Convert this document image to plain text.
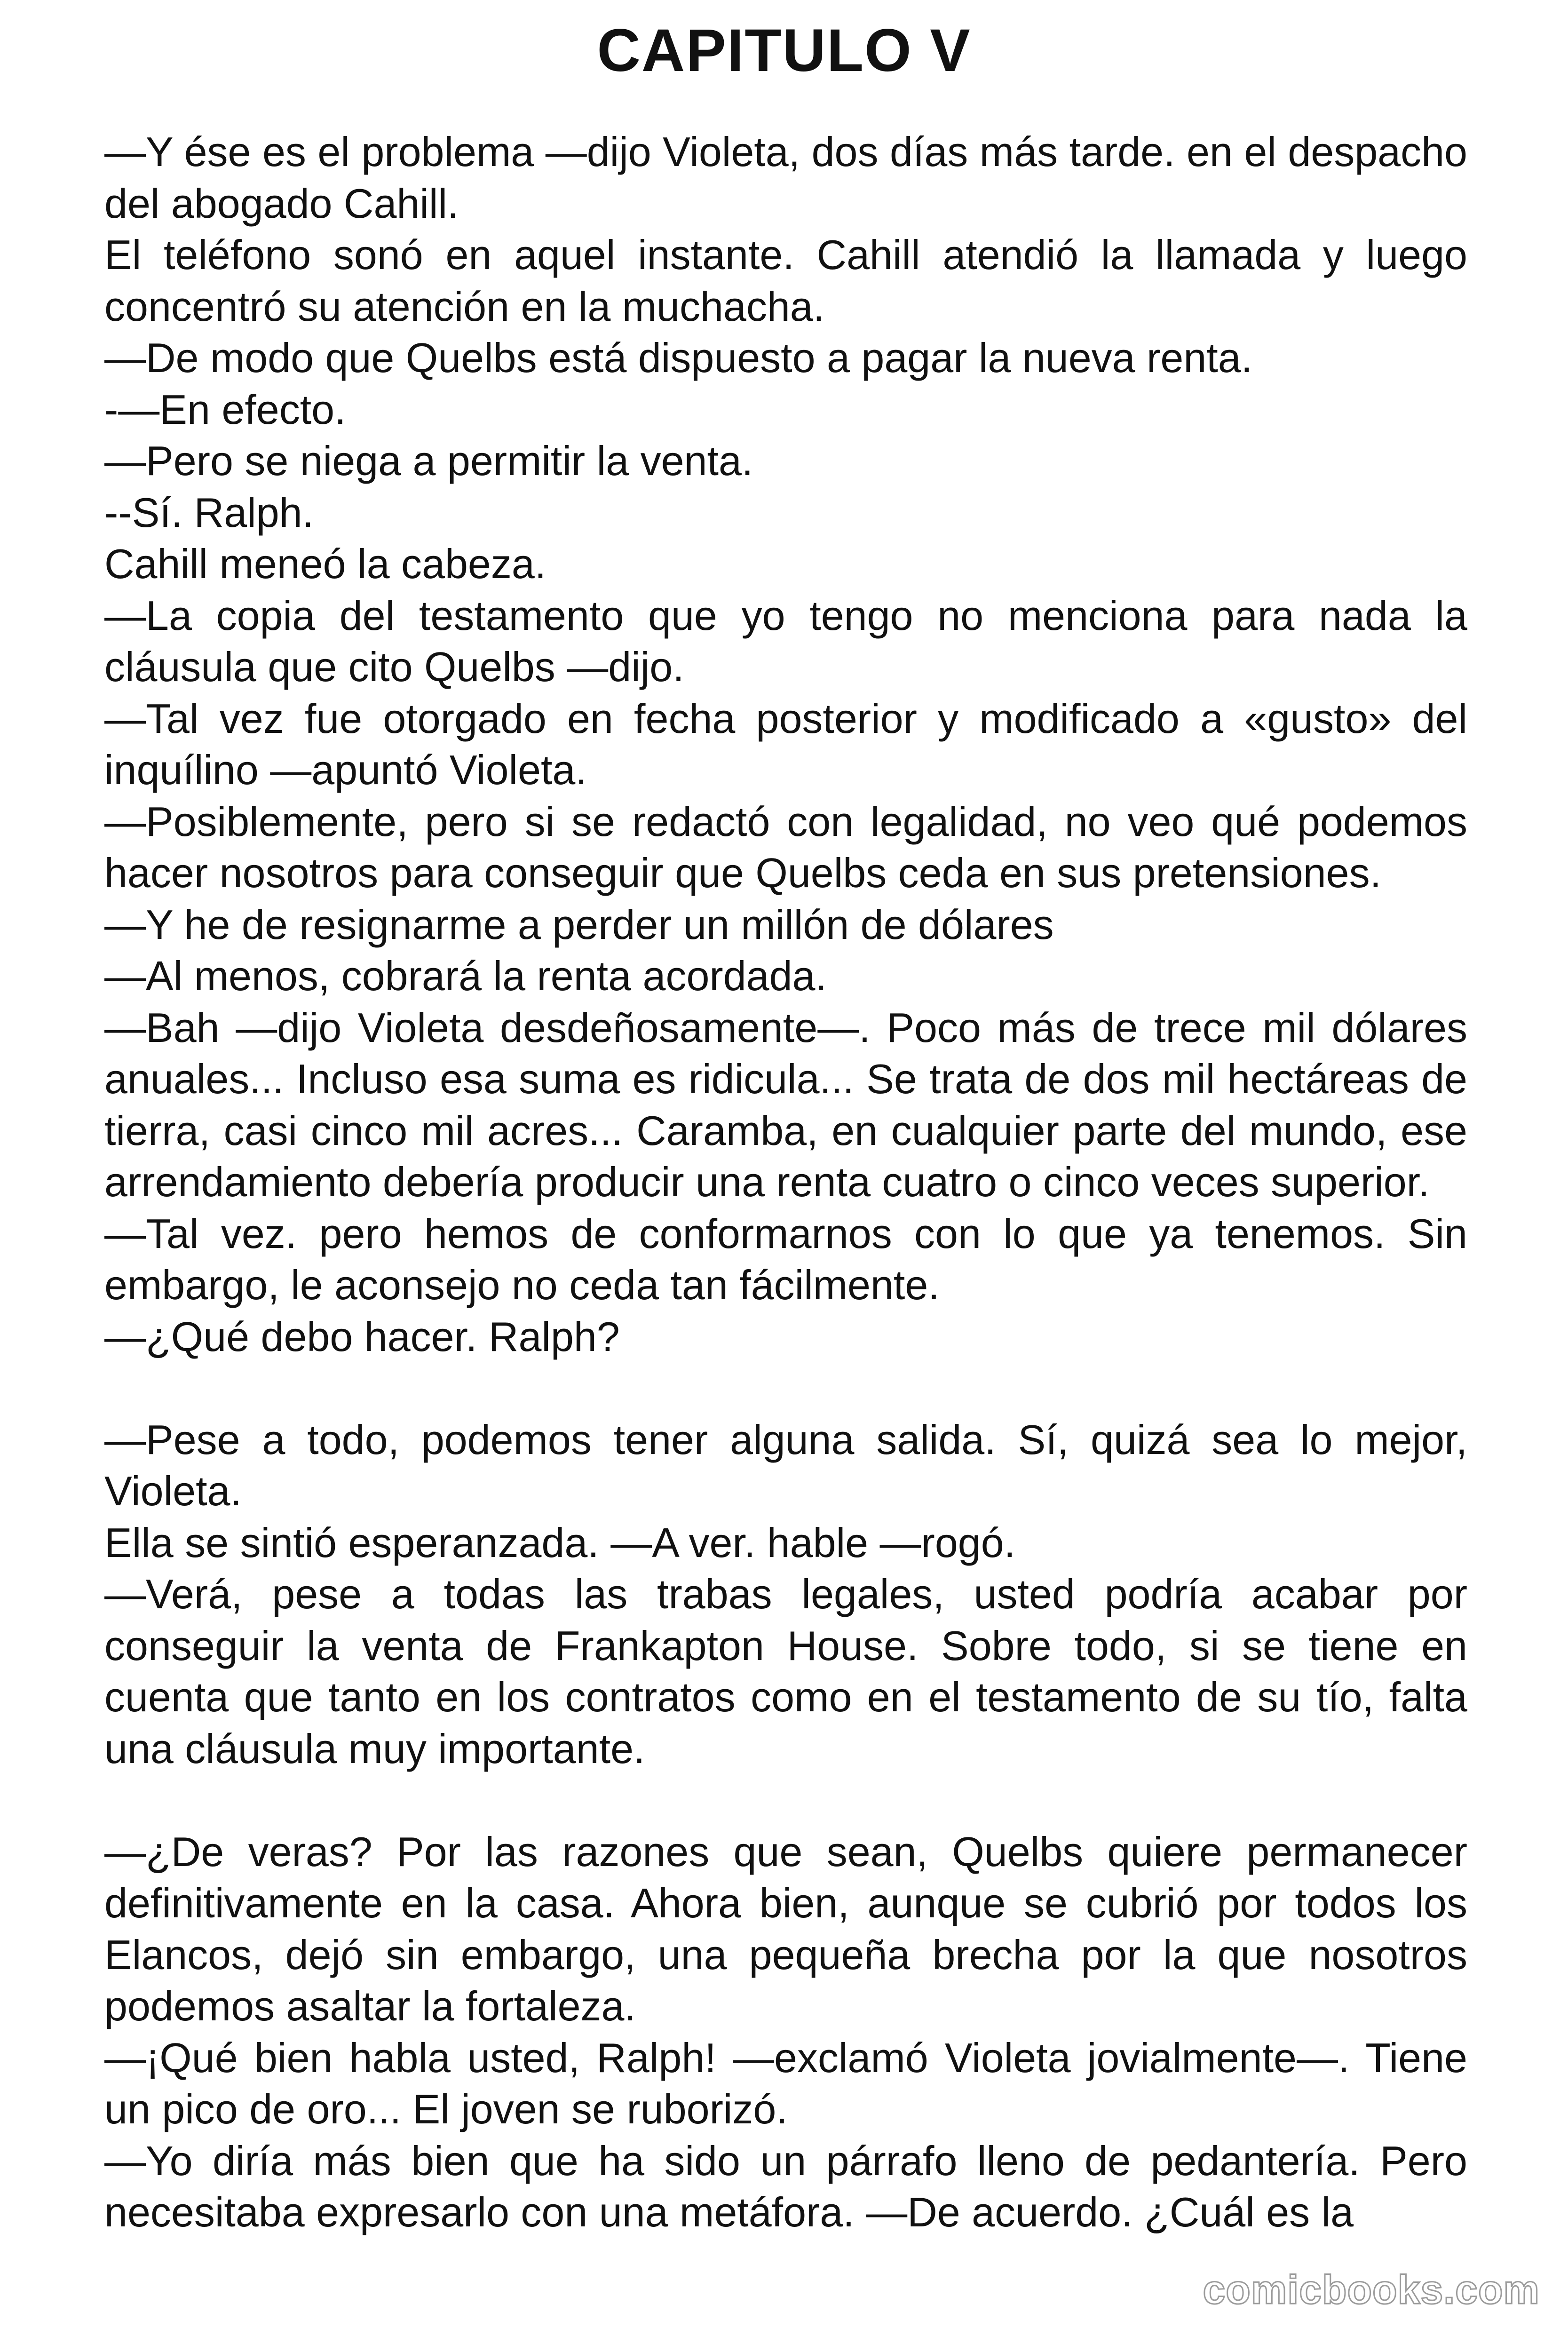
CAPITULO V

—Y ése es el problema —dijo Violeta, dos días más tarde. en el despacho del abogado Cahill.

El teléfono sonó en aquel instante. Cahill atendió la llamada y luego concentró su atención en la muchacha.

—De modo que Quelbs está dispuesto a pagar la nueva renta.

-—En efecto.

—Pero se niega a permitir la venta.

--Sí. Ralph.

Cahill meneó la cabeza.

—La copia del testamento que yo tengo no menciona para nada la cláusula que cito Quelbs —dijo.

—Tal vez fue otorgado en fecha posterior y modificado a «gusto» del inquílino —apuntó Violeta.

—Posiblemente, pero si se redactó con legalidad, no veo qué podemos hacer nosotros para conseguir que Quelbs ceda en sus pretensiones.

—Y he de resignarme a perder un millón de dólares

—Al menos, cobrará la renta acordada.

—Bah —dijo Violeta desdeñosamente—. Poco más de trece mil dólares anuales... Incluso esa suma es ridicula... Se trata de dos mil hectáreas de tierra, casi cinco mil acres... Caramba, en cualquier parte del mundo, ese arrendamiento debería producir una renta cuatro o cinco veces superior.

—Tal vez. pero hemos de conformarnos con lo que ya tenemos. Sin embargo, le aconsejo no ceda tan fácilmente.

—¿Qué debo hacer. Ralph?

—Pese a todo, podemos tener alguna salida. Sí, quizá sea lo mejor, Violeta.

Ella se sintió esperanzada. —A ver. hable —rogó.

—Verá, pese a todas las trabas legales, usted podría acabar por conseguir la venta de Frankapton House. Sobre todo, si se tiene en cuenta que tanto en los contratos como en el testamento de su tío, falta una cláusula muy importante.

—¿De veras? Por las razones que sean, Quelbs quiere permanecer definitivamente en la casa. Ahora bien, aunque se cubrió por todos los Elancos, dejó sin embargo, una pequeña brecha por la que nosotros podemos asaltar la fortaleza.

—¡Qué bien habla usted, Ralph! —exclamó Violeta jovialmente—. Tiene un pico de oro... El joven se ruborizó.

—Yo diría más bien que ha sido un párrafo lleno de pedantería. Pero necesitaba expresarlo con una metáfora. —De acuerdo. ¿Cuál es la

comicbooks.com
